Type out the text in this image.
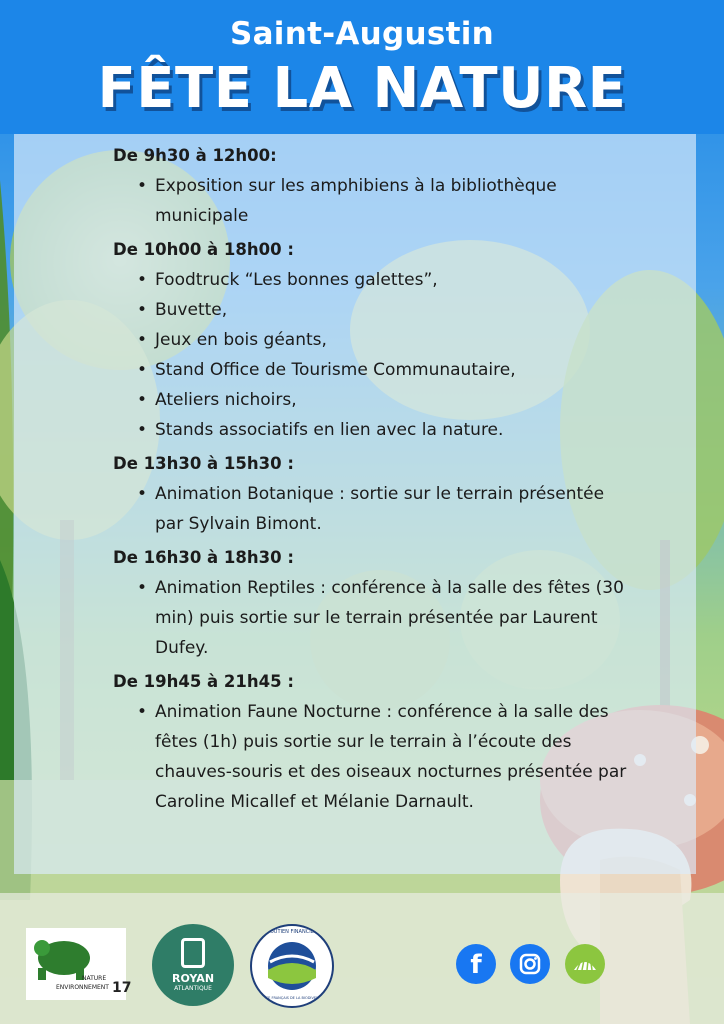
Saint-Augustin
FÊTE LA NATURE

De 9h30 à 12h00:

• Exposition sur les amphibiens à la bibliothèque municipale

De 10h00 à 18h00 :

• Foodtruck “Les bonnes galettes”,
• Buvette,
• Jeux en bois géants,
• Stand Office de Tourisme Communautaire,
• Ateliers nichoirs,
• Stands associatifs en lien avec la nature.

De 13h30 à 15h30 :

• Animation Botanique : sortie sur le terrain présentée par Sylvain Bimont.

De 16h30 à 18h30 :

• Animation Reptiles : conférence à la salle des fêtes (30 min) puis sortie sur le terrain présentée par Laurent Dufey.

De 19h45 à 21h45 :

• Animation Faune Nocturne : conférence à la salle des fêtes (1h) puis sortie sur le terrain à l’écoute des chauves-souris et des oiseaux nocturnes présentée par Caroline Micallef et Mélanie Darnault.
NATURE
ENVIRONNEMENT 17
ROYAN
ATLANTIQUE
SOUTIEN FINANCIER
OFFICE FRANÇAIS DE LA BIODIVERSITÉ
f
